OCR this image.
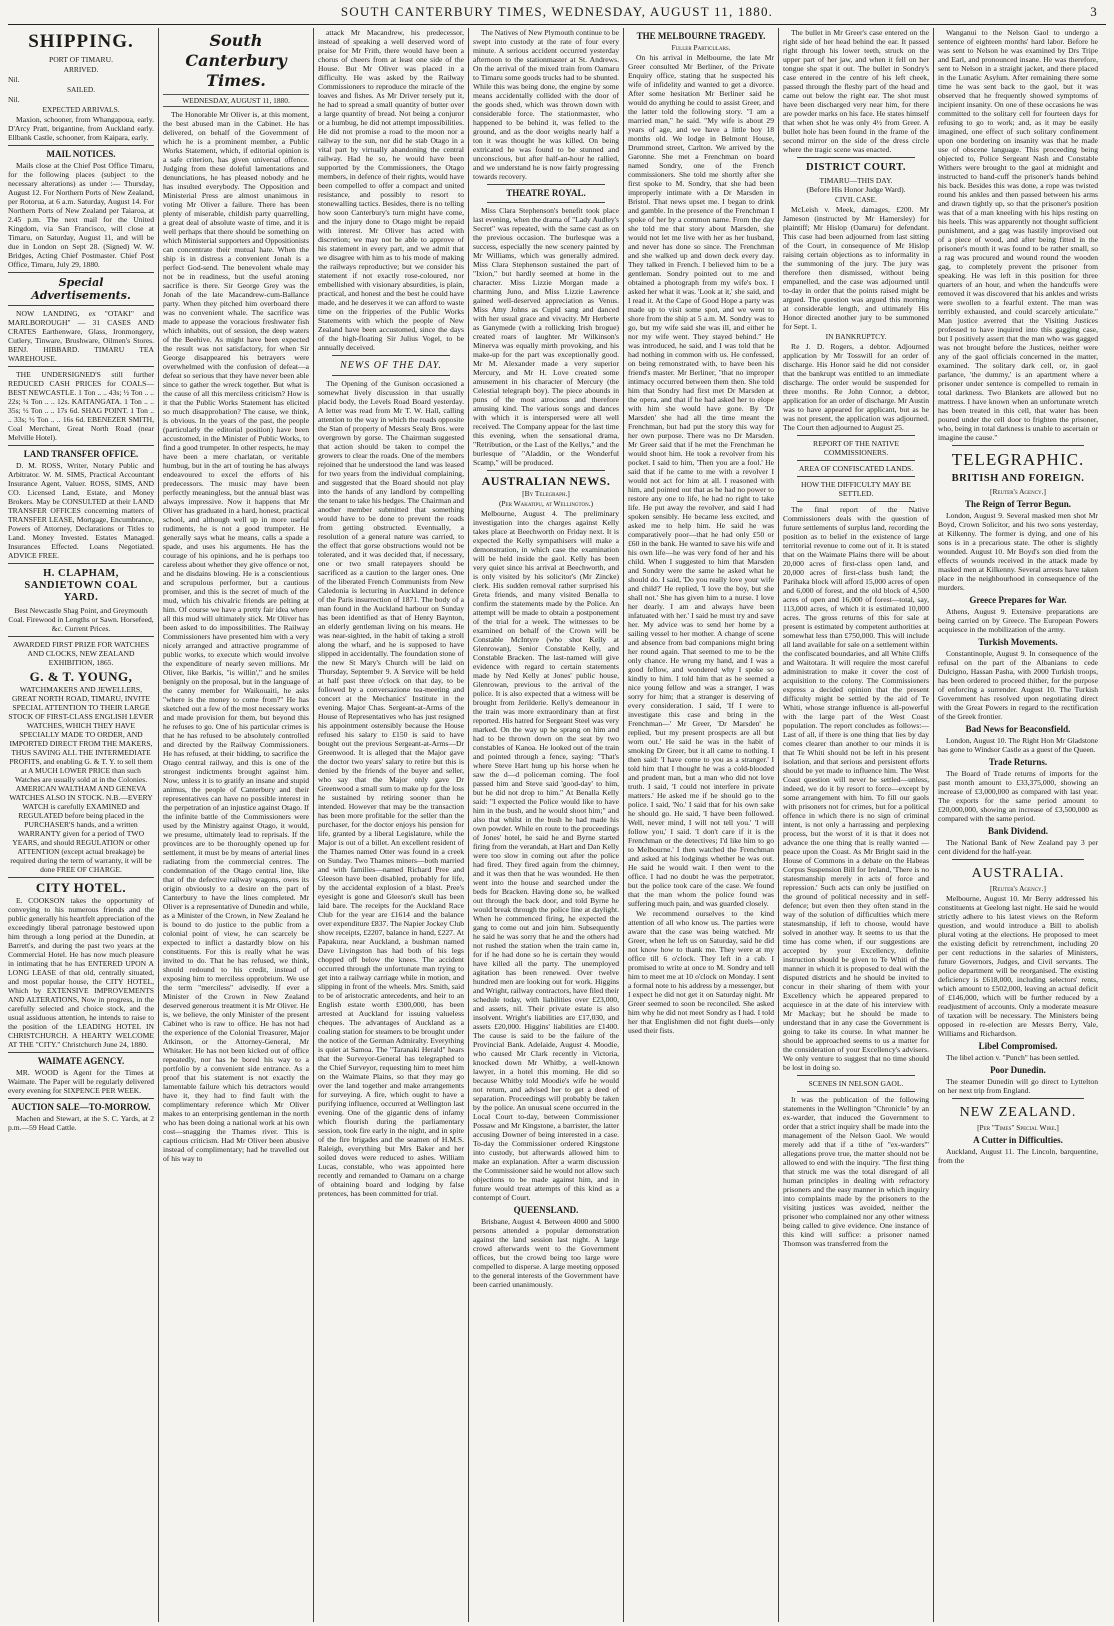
SOUTH CANTERBURY TIMES, WEDNESDAY, AUGUST 11, 1880.	3
SHIPPING.
PORT OF TIMARU.
ARRIVED.
Nil.
SAILED.
Nil.
EXPECTED ARRIVALS.

Maxion, schooner, from Whangapoua, early. D'Arcy Pratt, brigantine, from Auckland early. Ellbank Castle, schooner, from Kaipara, early.

MAIL NOTICES.

Mails close at the Chief Post Office Timaru, for the following places (subject to the necessary alterations) as under :— Thursday, August 12. For Northern Ports of New Zealand, per Rotorua, at 6 a.m. Saturday, August 14. For Northern Ports of New Zealand per Taiaroa, at 2.45 p.m. The next mail for the United Kingdom, via San Francisco, will close at Timaru, on Saturday, August 11, and will be due in London on Sept 28. (Signed) W. W. Bridges, Acting Chief Postmaster. Chief Post Office, Timaru, July 29, 1880.

Special Advertisements.

NOW LANDING, ex "OTAKI" and MARLBOROUGH" — 31 CASES AND CRATES Earthenware, Glass, Ironmongery, Cutlery, Tinware, Brushware, Oilmen's Stores. BENJ. HIBBARD. TIMARU TEA WAREHOUSE.

THE UNDERSIGNED'S still further REDUCED CASH PRICES for COALS— BEST NEWCASTLE. 1 Ton .. .. 43s; ½ Ton .. .. 22s; ¼ Ton .. .. 12s. KAITANGATA. 1 Ton .. .. 35s; ½ Ton .. .. 17s 6d. SHAG POINT. 1 Ton .. .. 33s; ½ Ton .. .. 16s 6d. EBENEZER SMITH, Coal Merchant, Great North Road (near Melville Hotel).

LAND TRANSFER OFFICE.

D. M. ROSS, Writer, Notary Public and Arbitrator. W. M. SIMS, Practical Accountant Insurance Agent, Valuer. ROSS, SIMS, AND CO. Licensed Land, Estate, and Money Brokers. May be CONSULTED at their LAND TRANSFER OFFICES concerning matters of TRANSFER LEASE, Mortgage, Encumbrance, Powers of Attorney, Declarations or Titles to Land. Money Invested. Estates Managed. Insurances Effected. Loans Negotiated. ADVICE FREE.

H. CLAPHAM, SANDIETOWN COAL YARD.

Best Newcastle Shag Point, and Greymouth Coal. Firewood in Lengths or Sawn. Horsefeed, &c. Current Prices.

AWARDED FIRST PRIZE FOR WATCHES AND CLOCKS, NEW ZEALAND EXHIBITION, 1865.

G. & T. YOUNG,

WATCHMAKERS AND JEWELLERS, GREAT NORTH ROAD, TIMARU, INVITE SPECIAL ATTENTION TO THEIR LARGE STOCK OF FIRST-CLASS ENGLISH LEVER WATCHES, WHICH THEY HAVE SPECIALLY MADE TO ORDER, AND IMPORTED DIRECT FROM THE MAKERS, THUS SAVING ALL THE INTERMEDIATE PROFITS, and enabling G. & T. Y. to sell them at A MUCH LOWER PRICE than such Watches are usually sold at in the Colonies. AMERICAN WALTHAM AND GENEVA WATCHES ALSO IN STOCK. N.B.—EVERY WATCH is carefully EXAMINED and REGULATED before being placed in the PURCHASER'S hands, and a written WARRANTY given for a period of TWO YEARS, and should REGULATION or other ATTENTION (except actual breakage) be required during the term of warranty, it will be done FREE OF CHARGE.

CITY HOTEL.

E. COOKSON takes the opportunity of conveying to his numerous friends and the public generally his heartfelt appreciation of the exceedingly liberal patronage bestowed upon him through a long period at the Dunedin, at Barrett's, and during the past two years at the Commercial Hotel. He has now much pleasure in intimating that he has ENTERED UPON A LONG LEASE of that old, centrally situated, and most popular house, the CITY HOTEL, Which by EXTENSIVE IMPROVEMENTS AND ALTERATIONS, Now in progress, in the carefully selected and choice stock, and the usual assiduous attention, he intends to raise to the position of the LEADING HOTEL IN CHRISTCHURCH. A HEARTY WELCOME AT THE "CITY." Christchurch June 24, 1880.

WAIMATE AGENCY.

MR. WOOD is Agent for the Times at Waimate. The Paper will be regularly delivered every evening for SIXPENCE PER WEEK.

AUCTION SALE—TO-MORROW.

Machen and Stewart, at the S. C. Yards, at 2 p.m.—59 Head Cattle.

South Canterbury Times.
WEDNESDAY, AUGUST 11, 1880.

The Honorable Mr Oliver is, at this moment, the best abused man in the Cabinet. He has delivered, on behalf of the Government of which he is a prominent member, a Public Works Statement, which, if editorial opinion is a safe criterion, has given universal offence. Judging from these doleful lamentations and denunciations, he has pleased nobody and he has insulted everybody. The Opposition and Ministerial Press are almost unanimous in voting Mr Oliver a failure. There has been plenty of miserable, childish party quarrelling, a great deal of absolute waste of time, and it is well perhaps that there should be something on which Ministerial supporters and Oppositionists can concentrate their mutual hate. When the ship is in distress a convenient Jonah is a perfect God-send. The benevolent whale may not be in readiness, but the useful atoning sacrifice is there. Sir George Grey was the Jonah of the late Macandrew-cum-Ballance party. When they pitched him overboard there was no convenient whale. The sacrifice was made to appease the voracious freshwater fish which inhabits, out of session, the deep waters of the Beehive. As might have been expected the result was not satisfactory, for when Sir George disappeared his betrayers were overwhelmed with the confusion of defeat—a defeat so serious that they have never been able since to gather the wreck together. But what is the cause of all this merciless criticism? How is it that the Public Works Statement has elicited so much disapprobation? The cause, we think, is obvious. In the years of the past, the people (particularly the editorial position) have been accustomed, in the Minister of Public Works, to find a good trumpeter. In other respects, he may have been a mere charlatan, or veritable humbug, but in the art of touting he has always endeavoured to excel the efforts of his predecessors. The music may have been perfectly meaningless, but the annual blast was always impressive. Now it happens that Mr Oliver has graduated in a hard, honest, practical school, and although well up in more useful rudiments, he is not a good trumpeter. He generally says what he means, calls a spade a spade, and uses his arguments. He has the courage of his opinions, and he is perhaps too careless about whether they give offence or not, and he disdains blowing. He is a conscientious and scrupulous performer, but a cautious promiser, and this is the secret of much of the mud, which his chivalric friends are pelting at him. Of course we have a pretty fair idea where all this mud will ultimately stick. Mr Oliver has been asked to do impossibilities. The Railway Commissioners have presented him with a very nicely arranged and attractive programme of public works, to execute which would involve the expenditure of nearly seven millions. Mr Oliver, like Barkis, "is willin'," and he smiles benignly on the proposal, but in the language of the canny member for Waikouaiti, he asks "where is the money to come from?" He has sketched out a few of the most necessary works and made provision for them, but beyond this he refuses to go. One of his particular crimes is that he has refused to be absolutely controlled and directed by the Railway Commissioners. He has refused, at their bidding, to sacrifice the Otago central railway, and this is one of the strongest indictments brought against him. Now, unless it is to gratify an insane and stupid animus, the people of Canterbury and their representatives can have no possible interest in the perpetration of an injustice against Otago. If the infinite battle of the Commissioners were used by the Ministry against Otago, it would, we presume, ultimately lead to reprisals. If the provinces are to be thoroughly opened up for settlement, it must be by means of arterial lines radiating from the commercial centres. The condemnation of the Otago central line, like that of the defective railway wagons, owes its origin obviously to a desire on the part of Canterbury to have the lines completed. Mr Oliver is a representative of Dunedin and while, as a Minister of the Crown, in New Zealand he is bound to do justice to the public from a colonial point of view, he can scarcely be expected to inflict a dastardly blow on his constituents. For this is really what he was invited to do. That he has refused, we think, should redound to his credit, instead of exposing him to merciless opprobrium. We use the term "merciless" advisedly. If ever a Minister of the Crown in New Zealand deserved generous treatment it is Mr Oliver. He is, we believe, the only Minister of the present Cabinet who is raw to office. He has not had the experience of the Colonial Treasurer, Major Atkinson, or the Attorney-General, Mr Whitaker. He has not been kicked out of office repeatedly, nor has he bored his way to a portfolio by a convenient side entrance. As a proof that his statement is not exactly the lamentable failure which his detractors would have it, they had to find fault with the complimentary reference which Mr Oliver makes to an enterprising gentleman in the north who has been doing a national work at his own cost—snagging the Thames river. This is captious criticism. Had Mr Oliver been abusive instead of complimentary; had he travelled out of his way to

attack Mr Macandrew, his predecessor, instead of speaking a well deserved word of praise for Mr Frith, there would have been a chorus of cheers from at least one side of the House. But Mr Oliver was placed in a difficulty. He was asked by the Railway Commissioners to reproduce the miracle of the loaves and fishes. As Mr Driver tersely put it, he had to spread a small quantity of butter over a large quantity of bread. Not being a conjuror or a humbug, he did not attempt impossibilities. He did not promise a road to the moon nor a railway to the sun, nor did he stab Otago in a vital part by virtually abandoning the central railway. Had he so, he would have been supported by the Commissioners, the Otago members, in defence of their rights, would have been compelled to offer a compact and united resistance, and possibly to resort to stonewalling tactics. Besides, there is no telling how soon Canterbury's turn might have come, and the injury done to Otago might be repaid with interest. Mr Oliver has acted with discretion; we may not be able to approve of his statement in every part, and we admit that we disagree with him as to his mode of making the railways reproductive; but we consider his statement if not exactly rose-coloured, nor embellished with visionary absurdities, is plain, practical, and honest and the best he could have made, and he deserves it we can afford to waste time on the fripperies of the Public Works Statements with which the people of New Zealand have been accustomed, since the days of the high-floating Sir Julius Vogel, to be annually deceived.

NEWS OF THE DAY.

The Opening of the Gunison occasioned a somewhat lively discussion in that usually placid body, the Levels Road Board yesterday. A letter was read from Mr T. W. Hall, calling attention to the way in which the roads opposite the Stan of property of Messrs Sealy Bros. were overgrown by gorse. The Chairman suggested that action should be taken to compel the growers to clear the roads. One of the members rejoined that he understood the land was leased for two years from the individual complaining, and suggested that the Board should not play into the hands of any landlord by compelling the tenant to take his hedges. The Chairman and another member submitted that something would have to be done to prevent the roads from getting obstructed. Eventually, a resolution of a general nature was carried, to the effect that gorse obstructions would not be tolerated, and it was decided that, if necessary, one or two small ratepayers should be sacrificed as a caution to the larger ones. One of the liberated French Communists from New Caledonia is lecturing in Auckland in defence of the Paris insurrection of 1871. The body of a man found in the Auckland harbour on Sunday has been identified as that of Henry Baynton, an elderly gentleman living on his means. He was near-sighted, in the habit of taking a stroll along the wharf, and he is supposed to have slipped in accidentally. The foundation stone of the new St Mary's Church will be laid on Thursday, September 9. A Service will be held at half past three o'clock on that day, to be followed by a conversazione tea-meeting and concert at the Mechanics' Institute in the evening. Major Chas. Sergeant-at-Arms of the House of Representatives who has just resigned his appointment ostensibly because the House refused his salary to £150 is said to have bought out the previous Sergeant-at-Arms—Dr Greenwood. It is alleged that the Major gave the doctor two years' salary to retire but this is denied by the friends of the buyer and seller, who say that the Major only gave Dr Greenwood a small sum to make up for the loss he sustained by retiring sooner than he intended. However that may be the transaction has been more profitable for the seller than the purchaser, for the doctor enjoys his pension for life, granted by a liberal Legislature, while the Major is out of a billet. An excellent resident of the Thames named Otter was found in a creek on Sunday. Two Thames miners—both married and with families—named Richard Pree and Gleeson have been disabled, probably for life, by the accidental explosion of a blast. Pree's eyesight is gone and Gleeson's skull has been laid bare. The receipts for the Auckland Race Club for the year are £1614 and the balance over expenditure £837. The Napier Jockey Club show receipts, £2207, balance in hand, £227. At Papakura, near Auckland, a bushman named Dave Livingston has had both of his legs chopped off below the knees. The accident occurred through the unfortunate man trying to get into a railway carriage while in motion, and slipping in front of the wheels. Mrs. Smith, said to be of aristocratic antecedents, and heir to an English estate worth £300,000, has been arrested at Auckland for issuing valueless cheques. The advantages of Auckland as a coaling station for steamers to be brought under the notice of the German Admiralty. Everything is quiet at Samoa. The "Taranaki Herald" hears that the Surveyor-General has telegraphed to the Chief Surveyor, requesting him to meet him on the Waimate Plains, so that they may go over the land together and make arrangements for surveying. A fire, which ought to have a purifying influence, occurred at Wellington last evening. One of the gigantic dens of infamy which flourish during the parliamentary session, took fire early in the night, and in spite of the fire brigades and the seamen of H.M.S. Raleigh, everything but Mrs Baker and her soiled doves were reduced to ashes. William Lucas, constable, who was appointed here recently and remanded to Oamaru on a charge of obtaining board and lodging by false pretences, has been committed for trial.

The Natives of New Plymouth continue to be swept into custody at the rate of four every minute. A serious accident occurred yesterday afternoon to the stationmaster at St. Andrews. On the arrival of the mixed train from Oamaru to Timaru some goods trucks had to be shunted. While this was being done, the engine by some means accidentally collided with the door of the goods shed, which was thrown down with considerable force. The stationmaster, who happened to be behind it, was felled to the ground, and as the door weighs nearly half a ton it was thought he was killed. On being extricated he was found to be stunned and unconscious, but after half-an-hour he rallied, and we understand he is now fairly progressing towards recovery.

THEATRE ROYAL.

Miss Clara Stephenson's benefit took place last evening, when the drama of "Lady Audley's Secret" was repeated, with the same cast as on the previous occasion. The burlesque was a success, especially the new scenery painted by Mr Williams, which was generally admired. Miss Clara Stephenson sustained the part of "Ixion," but hardly seemed at home in the character. Miss Lizzie Morgan made a charming Juno, and Miss Lizzie Lawrence gained well-deserved appreciation as Venus. Miss Amy Johns as Cupid sang and danced with her usual grace and vivacity. Mr Herberte as Ganymede (with a rollicking Irish brogue) created roars of laughter. Mr Wilkinson's Minerva was equally mirth provoking, and his make-up for the part was exceptionally good. Mr M. Alexander made a very superior Mercury, and Mr H. Love created some amusement in his character of Mercury (the Celestial telegraph boy). The piece abounds in puns of the most atrocious and therefore amusing kind. The various songs and dances with which it is interspersed were all well received. The Company appear for the last time this evening, when the sensational drama, "Retribution, or the Last of the Kellys," and the burlesque of "Aladdin, or the Wonderful Scamp," will be produced.

AUSTRALIAN NEWS.
[By Telegraph.]
(Per Wakatipu, at Wellington.)

Melbourne, August 4. The preliminary investigation into the charges against Kelly takes place at Beechworth on Friday next. It is expected the Kelly sympathisers will make a demonstration, in which case the examination will be held inside the gaol. Kelly has been very quiet since his arrival at Beechworth, and is only visited by his solicitor's (Mr Zincke) clerk. His sudden removal rather surprised his Greta friends, and many visited Benalla to confirm the statements made by the Police. An attempt will be made to obtain a postponement of the trial for a week. The witnesses to be examined on behalf of the Crown will be Constable McIntyre (who shot Kelly at Glenrowan), Senior Constable Kelly, and Constable Bracken. The last-named will give evidence with regard to certain statements made by Ned Kelly at Jones' public house, Glenrowan, previous to the arrival of the police. It is also expected that a witness will be brought from Jerilderie. Kelly's demeanour in the train was more extraordinary than at first reported. His hatred for Sergeant Steel was very marked. On the way up he sprang on him and had to be thrown down on the seat by two constables of Kanoa. He looked out of the train and pointed through a fence, saying: "That's where Steve Hart hung up his horse when he saw the d—d policeman coming. The fool passed him and Steve said 'good-day' to him, but he did not drop to him." At Benalla Kelly said: "I expected the Police would like to have him in the bush, and he would shoot him;" and also that whilst in the bush he had made his own powder. While en route to the proceedings of Jones' hotel, he said he and Byrne started firing from the verandah, at Hart and Dan Kelly were too slow in coming out after the police had fired. They fired again from the chimney, and it was then that he was wounded. He then went into the house and searched under the beds for Bracken. Having done so, he walked out through the back door, and told Byrne he would break through the police line at daylight. When he commenced firing, he expected the gang to come out and join him. Subsequently he said he was sorry that he and the others had not rushed the station when the train came in, for if he had done so he is certain they would have killed all the party. The unemployed agitation has been renewed. Over twelve hundred men are looking out for work. Higgins and Wright, railway contractors, have filed their schedule today, with liabilities over £23,000, and assets, nil. Their private estate is also insolvent. Wright's liabilities are £17,030, and assets £20,000. Higgins' liabilities are £1400. The cause is said to be the failure of the Provincial Bank. Adelaide, August 4. Moodie, who caused Mr Clark recently in Victoria, knocked down Mr Whitby, a well-known lawyer, in a hotel this morning. He did so because Whitby told Moodie's wife he would not return, and advised her to get a deed of separation. Proceedings will probably be taken by the police. An unusual scene occurred in the Local Court to-day, between Commissioner Possaw and Mr Kingstone, a barrister, the latter accusing Downer of being interested in a case. To-day the Commissioner ordered Kingstone into custody, but afterwards allowed him to make an explanation. After a warm discussion the Commissioner said he would not allow such objections to be made against him, and in future would treat attempts of this kind as a contempt of Court.

QUEENSLAND.

Brisbane, August 4. Between 4000 and 5000 persons attended a popular demonstration against the land session last night. A large crowd afterwards went to the Government offices, but the crowd being too large were compelled to disperse. A large meeting opposed to the general interests of the Government have been carried unanimously.

THE MELBOURNE TRAGEDY.
Fuller Particulars.

On his arrival in Melbourne, the late Mr Greer consulted Mr Berliner, of the Private Enquiry office, stating that he suspected his wife of infidelity and wanted to get a divorce. After some hesitation Mr Berliner said he would do anything he could to assist Greer, and the latter told the following story. "I am a married man," he said. "My wife is about 29 years of age, and we have a little boy 18 months old. We lodge in Belmont House, Drummond street, Carlton. We arrived by the Garonne. She met a Frenchman on board named Sondry, one of the French commissioners. She told me shortly after she first spoke to M. Sondry, that she had been improperly intimate with a Dr Marsden in Bristol. That news upset me. I began to drink and gamble. In the presence of the Frenchman I spoke of her by a common name. From the day she told me that story about Marsden, she would not let me live with her as her husband, and never has done so since. The Frenchman and she walked up and down deck every day. They talked in French. I believed him to be a gentleman. Sondry pointed out to me and obtained a photograph from my wife's box. I asked her what it was. 'Look at it,' she said, and I read it. At the Cape of Good Hope a party was made up to visit some spot, and we went to shore from the ship at 5 a.m. M. Sondry was to go, but my wife said she was ill, and either he nor my wife went. They stayed behind." He was introduced, he said, and I was told that he had nothing in common with us. He confessed, on being remonstrated with, to have been his friend's master. Mr Berliner, "that no improper intimacy occurred between them then. She told him that Sondry had first met Dr Marsden at the opera, and that if he had asked her to elope with him she would have gone. By 'Dr Marsden' she had all the time meant the Frenchman, but had put the story this way for her own purpose. There was no Dr Marsden. Mr Greer said that if he met the Frenchman he would shoot him. He took a revolver from his pocket. I said to him, 'Then you are a fool.' He said that if he came to me with a revolver I would not act for him at all. I reasoned with him, and pointed out that as he had no power to restore any one to life, he had no right to take life. He put away the revolver, and said I had spoken sensibly. He became less excited, and asked me to help him. He said he was comparatively poor—that he had only £50 or £60 in the bank. He wanted to save his wife and his own life—he was very fond of her and his child. When I suggested to him that Marsden and Sondry were the same he asked what he should do. I said, 'Do you really love your wife and child?' He replied, 'I love the boy, but she shall not.' She has given him to a nurse. I love her dearly. I am and always have been infatuated with her.' I said he must try and save her. My advice was to send her home by a sailing vessel to her mother. A change of scene and absence from bad companions might bring her round again. That seemed to me to be the only chance. He wrung my hand, and I was a good fellow, and wondered why I spoke so kindly to him. I told him that as he seemed a nice young fellow and was a stranger, I was sorry for him; that a stranger is deserving of every consideration. I said, 'If I were to investigate this case and bring in the Frenchman—' Mr Greer, 'Dr Marsden' he replied, 'but my present prospects are all but worn out.' He said he was in the habit of smoking Dr Greer, but it all came to nothing. I then said: 'I have come to you as a stranger.' I told him that I thought he was a cold-blooded and prudent man, but a man who did not love truth. I said, 'I could not interfere in private matters.' He asked me if he should go to the police. I said, 'No.' I said that for his own sake he should go. He said, 'I have been followed. Well, never mind, I will not tell you.' 'I will follow you,' I said. 'I don't care if it is the Frenchman or the detectives; I'd like him to go to Melbourne.' I then watched the Frenchman and asked at his lodgings whether he was out. He said he would wait. I then went to the office. I had no doubt he was the perpetrator, but the police took care of the case. We found that the man whom the police found was suffering much pain, and was guarded closely.

We recommend ourselves to the kind attention of all who know us. The parties were aware that the case was being watched. Mr Greer, when he left us on Saturday, said he did not know how to thank me. They were at my office till 6 o'clock. They left in a cab. I promised to write at once to M. Sondry and tell him to meet me at 10 o'clock on Monday. I sent a formal note to his address by a messenger, but I expect he did not get it on Saturday night. Mr Greer seemed to soon be reconciled. She asked him why he did not meet Sondry as I had. I told her that Englishmen did not fight duels—only used their fists.

The bullet in Mr Greer's case entered on the right side of her head behind the ear. It passed right through his lower teeth, struck on the upper part of her jaw, and when it fell on her tongue she spat it out. The bullet in Sondry's case entered in the centre of his left cheek, passed through the fleshy part of the head and came out below the right ear. The shot must have been discharged very near him, for there are powder marks on his face. He states himself that when shot he was only 4½ from Greer. A bullet hole has been found in the frame of the second mirror on the side of the dress circle where the tragic scene was enacted.

DISTRICT COURT.
TIMARU—THIS DAY.
(Before His Honor Judge Ward).
CIVIL CASE.

McLeish v. Meek, damages, £200. Mr Jameson (instructed by Mr Hamersley) for plaintiff; Mr Hislop (Oamaru) for defendant. This case had been adjourned from last sitting of the Court, in consequence of Mr Hislop raising certain objections as to informality in the summoning of the jury. The jury was therefore then dismissed, without being empanelled, and the case was adjourned until to-day in order that the points raised might be argued. The question was argued this morning at considerable length, and ultimately His Honor directed another jury to be summoned for Sept. 1.

IN BANKRUPTCY.

Re J. D. Rogers, a debtor. Adjourned application by Mr Tosswill for an order of discharge. His Honor said he did not consider that the bankrupt was entitled to an immediate discharge. The order would be suspended for three months. Re John Connor, a debtor, application for an order of discharge. Mr Austin was to have appeared for applicant, but as he was not present, the application was adjourned. The Court then adjourned to August 25.

REPORT OF THE NATIVE COMMISSIONERS.
AREA OF CONFISCATED LANDS.
HOW THE DIFFICULTY MAY BE SETTLED.

The final report of the Native Commissioners deals with the question of future settlements of surplus land, recording the position as to belief in the existence of large territorial revenue to come out of it. It is stated that on the Waimate Plains there will be about 20,000 acres of first-class open land, and 20,000 acres of first-class bush land; the Parihaka block will afford 15,000 acres of open and 6,000 of forest, and the old block of 4,500 acres of open and 16,000 of forest—total, say, 113,000 acres, of which it is estimated 10,000 acres. The gross returns of this for sale at present is estimated by competent authorities at somewhat less than £750,000. This will include all land available for sale on a settlement within the confiscated boundaries, and all White Cliffs and Waitotara. It will require the most careful administration to make it cover the cost of acquisition to the colony. The Commissioners express a decided opinion that the present difficulty might be settled by the aid of Te Whiti, whose strange influence is all-powerful with the large part of the West Coast population. The report concludes as follows:— Last of all, if there is one thing that lies by day comes clearer than another to our minds it is that Te Whiti should not be left in his present isolation, and that serious and persistent efforts should be yet made to influence him. The West Coast question will never be settled—unless, indeed, we do it by resort to force—except by some arrangement with him. To fill our gaols with prisoners not for crimes, but for a political offence in which there is no sign of criminal intent, is not only a harrassing and perplexing process, but the worst of it is that it does not advance the one thing that is really wanted —peace upon the Coast. As Mr Bright said in the House of Commons in a debate on the Habeas Corpus Suspension Bill for Ireland, 'There is no statesmanship merely in acts of force and repression.' Such acts can only be justified on the ground of political necessity and in self-defence; but even then they often stand in the way of the solution of difficulties which mere statesmanship, if left to choose, would have solved in another way. It seems to us that the time has come when, if our suggestions are accepted by your Excellency, definite instruction should be given to Te Whiti of the manner in which it is proposed to deal with the disputed districts and he should be invited to concur in their sharing of them with your Excellency which he appeared prepared to acquiesce in at the date of his interview with Mr Mackay; but he should be made to understand that in any case the Government is going to take its course. In what manner he should be approached seems to us a matter for the consideration of your Excellency's advisers. We only venture to suggest that no time should be lost in doing so.

SCENES IN NELSON GAOL.

It was the publication of the following statements in the Wellington "Chronicle" by an ex-warder, that induced the Government to order that a strict inquiry shall be made into the management of the Nelson Gaol. We would merely add that if a tithe of "ex-warders'" allegations prove true, the matter should not be allowed to end with the inquiry. "The first thing that struck me was the total disregard of all human principles in dealing with refractory prisoners and the easy manner in which inquiry into complaints made by the prisoners to the visiting justices was avoided, neither the prisoner who complained nor any other witness being called to give evidence. One instance of this kind will suffice: a prisoner named Thomson was transferred from the

Wanganui to the Nelson Gaol to undergo a sentence of eighteen months' hard labor. Before he was sent to Nelson he was examined by Drs Tripe and Earl, and pronounced insane. He was therefore, sent to Nelson in a straight jacket, and there placed in the Lunatic Asylum. After remaining there some time he was sent back to the gaol, but it was observed that he frequently showed symptoms of incipient insanity. On one of these occasions he was committed to the solitary cell for fourteen days for refusing to go to work; and, as it may be easily imagined, one effect of such solitary confinement upon one bordering on insanity was that he made use of obscene language. This proceeding being objected to, Police Sergeant Nash and Constable Withers were brought to the gaol at midnight and instructed to hand-cuff the prisoner's hands behind his back. Besides this was done, a rope was twisted round his ankles and then passed between his arms and drawn tightly up, so that the prisoner's position was that of a man kneeling with his hips resting on his heels. This was apparently not thought sufficient punishment, and a gag was hastily improvised out of a piece of wood, and after being fitted in the prisoner's mouth it was found to be rather small, so a rag was procured and wound round the wooden gag, to completely prevent the prisoner from speaking. He was left in this position for three quarters of an hour, and when the handcuffs were removed it was discovered that his ankles and wrists were swollen to a fearful extent. The man was terribly exhausted, and could scarcely articulate." Man justice averred that the Visiting Justices professed to have inquired into this gagging case, but I positively assert that the man who was gagged was not brought before the Justices, neither were any of the gaol officials concerned in the matter, examined. The solitary dark cell, or, in gaol parlance, 'the dummy,' is an apartment where a prisoner under sentence is compelled to remain in total darkness. Two Blankets are allowed but no mattress. I have known when an unfortunate wretch has been treated in this cell, that water has been poured under the cell door to frighten the prisoner, who, being in total darkness is unable to ascertain or imagine the cause."

TELEGRAPHIC.
BRITISH AND FOREIGN.
[Reuter's Agency.]
The Reign of Terror Begun.

London, August 9. Several masked men shot Mr Boyd, Crown Solicitor, and his two sons yesterday, at Kilkenny. The former is dying, and one of his sons is in a precarious state. The other is slightly wounded. August 10. Mr Boyd's son died from the effects of wounds received in the attack made by masked men at Kilkenny. Several arrests have taken place in the neighbourhood in consequence of the murders.

Greece Prepares for War.

Athens, August 9. Extensive preparations are being carried on by Greece. The European Powers acquiesce in the mobilization of the army.

Turkish Movements.

Constantinople, August 9. In consequence of the refusal on the part of the Albanians to cede Dulcigno, Hassan Pasha, with 2000 Turkish troops, has been ordered to proceed thither, for the purpose of enforcing a surrender. August 10. The Turkish Government has resolved upon negotiating direct with the Great Powers in regard to the rectification of the Greek frontier.

Bad News for Beaconsfield.

London, August 10. The Right Hon Mr Gladstone has gone to Windsor Castle as a guest of the Queen.

Trade Returns.

The Board of Trade returns of imports for the past month amount to £33,375,000, showing an increase of £3,000,000 as compared with last year. The exports for the same period amount to £20,000,000, showing an increase of £3,500,000 as compared with the same period.

Bank Dividend.

The National Bank of New Zealand pay 3 per cent dividend for the half-year.

AUSTRALIA.
[Reuter's Agency.]

Melbourne, August 10. Mr Berry addressed his constituents at Geelong last night. He said he would strictly adhere to his latest views on the Reform question, and would introduce a Bill to abolish plural voting at the elections. He proposed to meet the existing deficit by retrenchment, including 20 per cent reductions in the salaries of Ministers, future Governors, Judges, and Civil servants. The police department will be reorganised. The existing deficiency is £618,000, including selectors' rents, which amount to £502,000, leaving an actual deficit of £146,000, which will be further reduced by a readjustment of accounts. Only a moderate measure of taxation will be necessary. The Ministers being opposed in re-election are Messrs Berry, Vale, Williams and Richardson.

Libel Compromised.

The libel action v. "Punch" has been settled.

Poor Dunedin.

The steamer Dunedin will go direct to Lyttelton on her next trip from England.

NEW ZEALAND.
[Per "Times" Special Wire.]
A Cutter in Difficulties.

Auckland, August 11. The Lincoln, barquentine, from the
